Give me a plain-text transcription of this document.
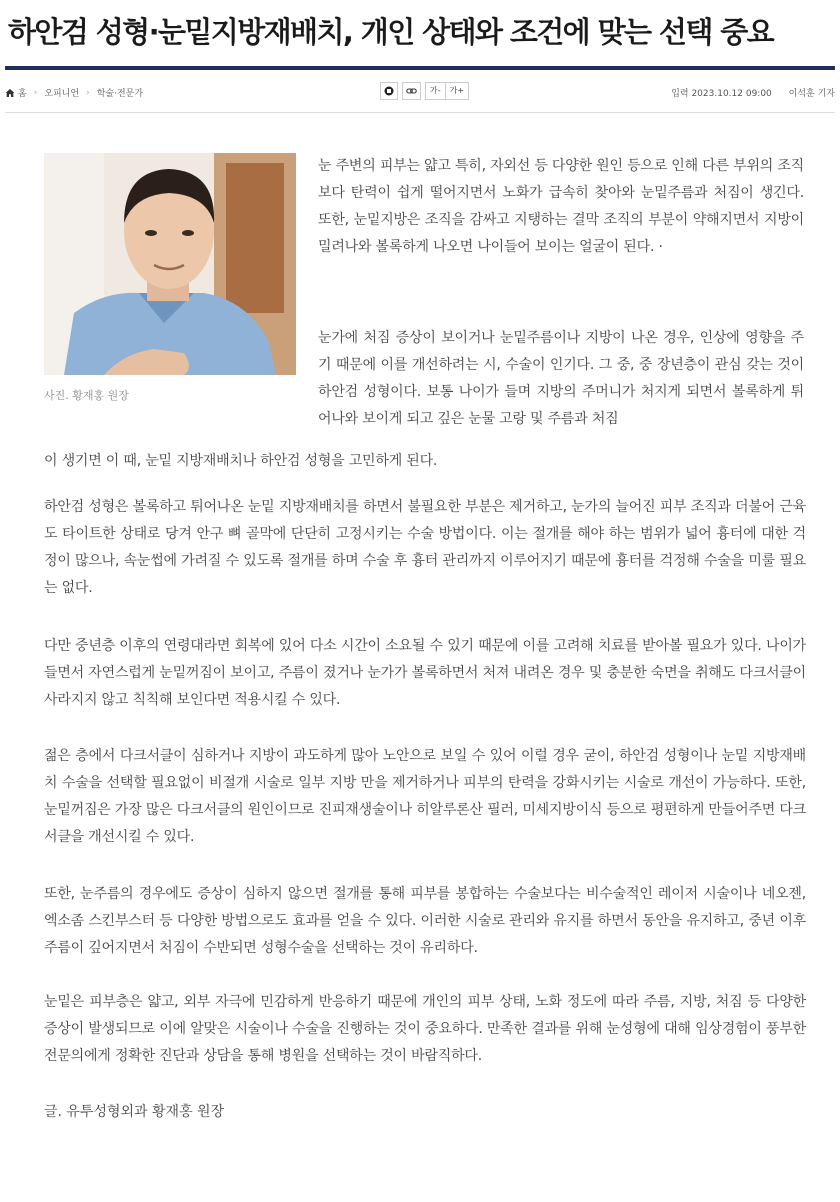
하안검 성형·눈밑지방재배치, 개인 상태와 조건에 맞는 선택 중요
홈 › 오피니언 › 학술·전문가	가-	가+	입력 2023.10.12 09:00 이석훈 기자
사진. 황재홍 원장
눈 주변의 피부는 얇고 특히, 자외선 등 다양한 원인 등으로 인해 다른 부위의 조직보다 탄력이 쉽게 떨어지면서 노화가 급속히 찾아와 눈밑주름과 처짐이 생긴다. 또한, 눈밑지방은 조직을 감싸고 지탱하는 결막 조직의 부분이 약해지면서 지방이 밀려나와 볼록하게 나오면 나이들어 보이는 얼굴이 된다. ·
눈가에 처짐 증상이 보이거나 눈밑주름이나 지방이 나온 경우, 인상에 영향을 주기 때문에 이를 개선하려는 시, 수술이 인기다. 그 중, 중 장년층이 관심 갖는 것이 하안검 성형이다. 보통 나이가 들며 지방의 주머니가 처지게 되면서 볼록하게 튀어나와 보이게 되고 깊은 눈물 고랑 및 주름과 처짐
이 생기면 이 때, 눈밑 지방재배치나 하안검 성형을 고민하게 된다.
하안검 성형은 볼록하고 튀어나온 눈밑 지방재배치를 하면서 불필요한 부분은 제거하고, 눈가의 늘어진 피부 조직과 더불어 근육도 타이트한 상태로 당겨 안구 뼈 골막에 단단히 고정시키는 수술 방법이다. 이는 절개를 해야 하는 범위가 넓어 흉터에 대한 걱정이 많으나, 속눈썹에 가려질 수 있도록 절개를 하며 수술 후 흉터 관리까지 이루어지기 때문에 흉터를 걱정해 수술을 미룰 필요는 없다.
다만 중년층 이후의 연령대라면 회복에 있어 다소 시간이 소요될 수 있기 때문에 이를 고려해 치료를 받아볼 필요가 있다. 나이가 들면서 자연스럽게 눈밑꺼짐이 보이고, 주름이 졌거나 눈가가 볼록하면서 처져 내려온 경우 및 충분한 숙면을 취해도 다크서클이 사라지지 않고 칙칙해 보인다면 적용시킬 수 있다.
젊은 층에서 다크서클이 심하거나 지방이 과도하게 많아 노안으로 보일 수 있어 이럴 경우 굳이, 하안검 성형이나 눈밑 지방재배치 수술을 선택할 필요없이 비절개 시술로 일부 지방 만을 제거하거나 피부의 탄력을 강화시키는 시술로 개선이 가능하다. 또한, 눈밑꺼짐은 가장 많은 다크서클의 원인이므로 진피재생술이나 히알루론산 필러, 미세지방이식 등으로 평편하게 만들어주면 다크서클을 개선시킬 수 있다.
또한, 눈주름의 경우에도 증상이 심하지 않으면 절개를 통해 피부를 봉합하는 수술보다는 비수술적인 레이저 시술이나 네오젠, 엑소좀 스킨부스터 등 다양한 방법으로도 효과를 얻을 수 있다. 이러한 시술로 관리와 유지를 하면서 동안을 유지하고, 중년 이후 주름이 깊어지면서 처짐이 수반되면 성형수술을 선택하는 것이 유리하다.
눈밑은 피부층은 얇고, 외부 자극에 민감하게 반응하기 때문에 개인의 피부 상태, 노화 정도에 따라 주름, 지방, 처짐 등 다양한 증상이 발생되므로 이에 알맞은 시술이나 수술을 진행하는 것이 중요하다. 만족한 결과를 위해 눈성형에 대해 임상경험이 풍부한 전문의에게 정확한 진단과 상담을 통해 병원을 선택하는 것이 바람직하다.
글. 유투성형외과 황재홍 원장
